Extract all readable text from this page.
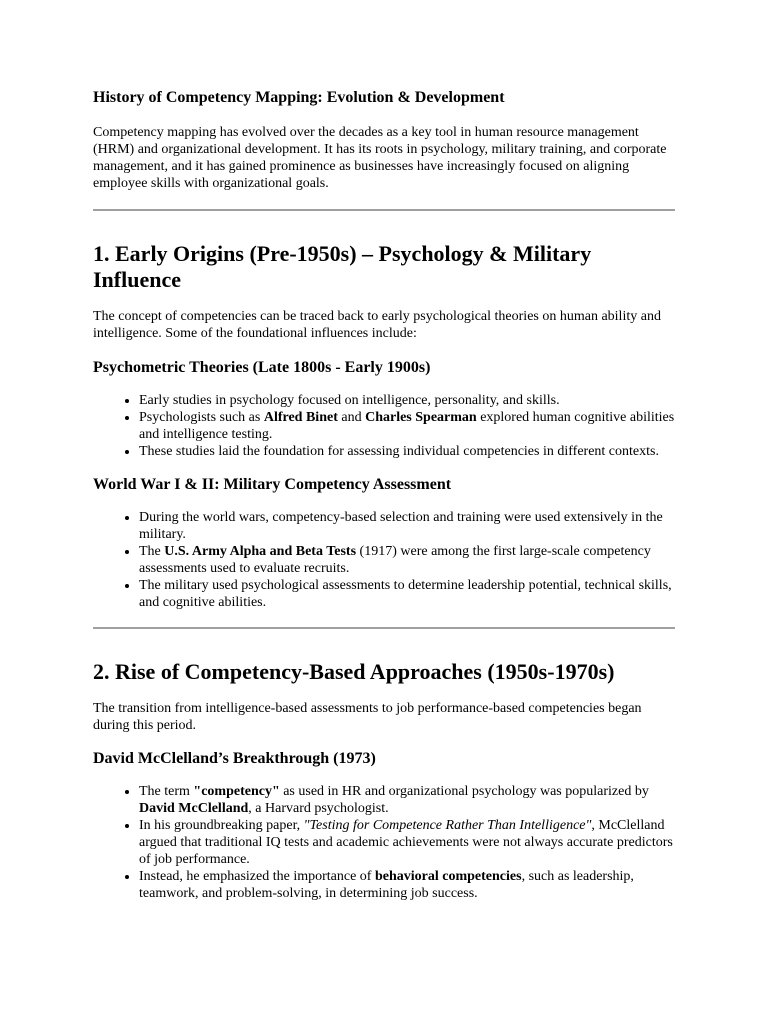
History of Competency Mapping: Evolution & Development

Competency mapping has evolved over the decades as a key tool in human resource management (HRM) and organizational development. It has its roots in psychology, military training, and corporate management, and it has gained prominence as businesses have increasingly focused on aligning employee skills with organizational goals.

1. Early Origins (Pre-1950s) – Psychology & Military Influence

The concept of competencies can be traced back to early psychological theories on human ability and intelligence. Some of the foundational influences include:

Psychometric Theories (Late 1800s - Early 1900s)
• Early studies in psychology focused on intelligence, personality, and skills.
• Psychologists such as Alfred Binet and Charles Spearman explored human cognitive abilities and intelligence testing.
• These studies laid the foundation for assessing individual competencies in different contexts.
World War I & II: Military Competency Assessment
• During the world wars, competency-based selection and training were used extensively in the military.
• The U.S. Army Alpha and Beta Tests (1917) were among the first large-scale competency assessments used to evaluate recruits.
• The military used psychological assessments to determine leadership potential, technical skills, and cognitive abilities.
2. Rise of Competency-Based Approaches (1950s-1970s)

The transition from intelligence-based assessments to job performance-based competencies began during this period.

David McClelland’s Breakthrough (1973)
• The term "competency" as used in HR and organizational psychology was popularized by David McClelland, a Harvard psychologist.
• In his groundbreaking paper, "Testing for Competence Rather Than Intelligence", McClelland argued that traditional IQ tests and academic achievements were not always accurate predictors of job performance.
• Instead, he emphasized the importance of behavioral competencies, such as leadership, teamwork, and problem-solving, in determining job success.
